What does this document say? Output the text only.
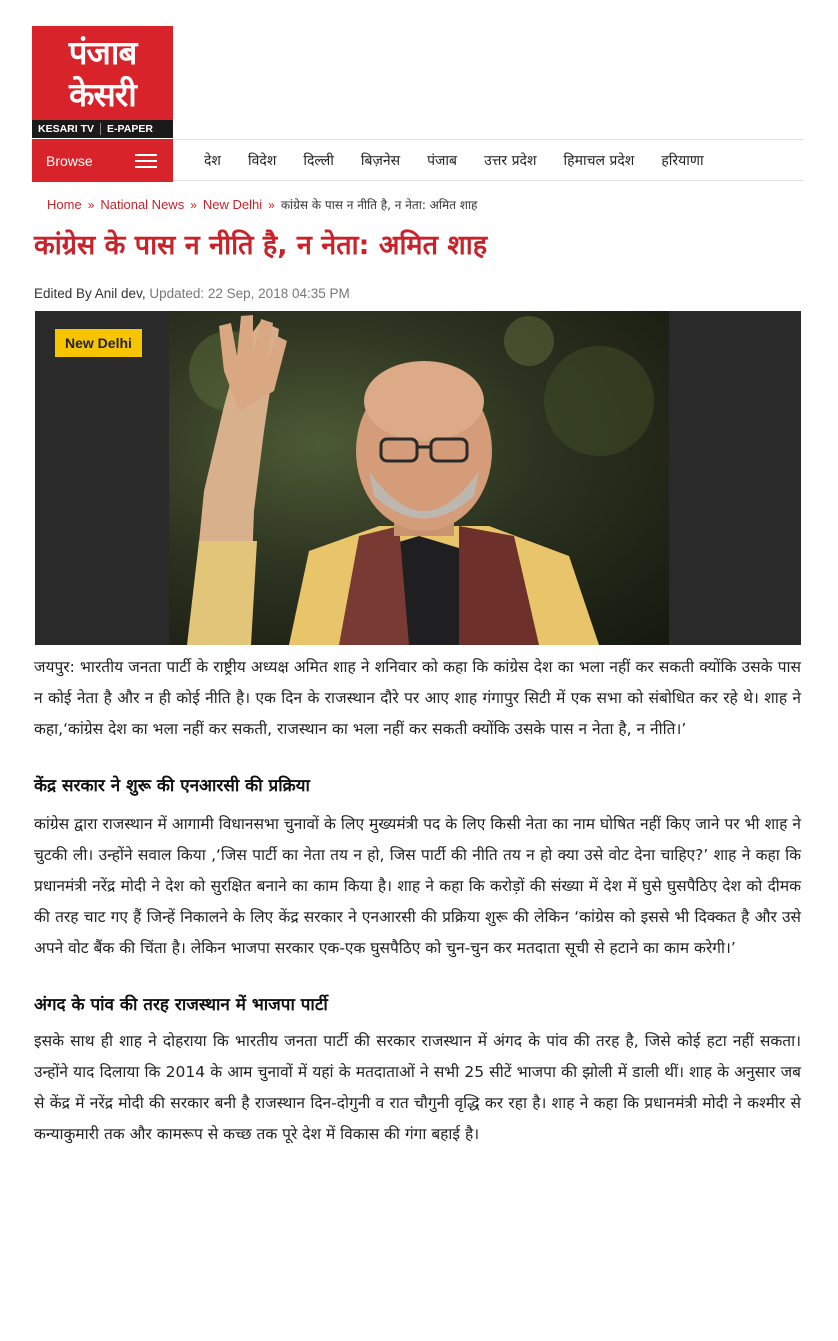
पंजाब
केसरी
KESARI TV	E-PAPER
Browse	देश विदेश दिल्ली बिज़नेस पंजाब उत्तर प्रदेश हिमाचल प्रदेश हरियाणा
Home » National News » New Delhi » कांग्रेस के पास न नीति है, न नेता: अमित शाह
कांग्रेस के पास न नीति है, न नेता: अमित शाह
Edited By Anil dev, Updated: 22 Sep, 2018 04:35 PM
New Delhi

जयपुर: भारतीय जनता पार्टी के राष्ट्रीय अध्यक्ष अमित शाह ने शनिवार को कहा कि कांग्रेस देश का भला नहीं कर सकती क्योंकि उसके पास न कोई नेता है और न ही कोई नीति है। एक दिन के राजस्थान दौरे पर आए शाह गंगापुर सिटी में एक सभा को संबोधित कर रहे थे। शाह ने कहा,‘कांग्रेस देश का भला नहीं कर सकती, राजस्थान का भला नहीं कर सकती क्योंकि उसके पास न नेता है, न नीति।’

केंद्र सरकार ने शुरू की एनआरसी की प्रक्रिया

कांग्रेस द्वारा राजस्थान में आगामी विधानसभा चुनावों के लिए मुख्यमंत्री पद के लिए किसी नेता का नाम घोषित नहीं किए जाने पर भी शाह ने चुटकी ली। उन्होंने सवाल किया ,‘जिस पार्टी का नेता तय न हो, जिस पार्टी की नीति तय न हो क्या उसे वोट देना चाहिए?’ शाह ने कहा कि प्रधानमंत्री नरेंद्र मोदी ने देश को सुरक्षित बनाने का काम किया है। शाह ने कहा कि करोड़ों की संख्या में देश में घुसे घुसपैठिए देश को दीमक की तरह चाट गए हैं जिन्हें निकालने के लिए केंद्र सरकार ने एनआरसी की प्रक्रिया शुरू की लेकिन ‘कांग्रेस को इससे भी दिक्कत है और उसे अपने वोट बैंक की चिंता है। लेकिन भाजपा सरकार एक-एक घुसपैठिए को चुन-चुन कर मतदाता सूची से हटाने का काम करेगी।’

अंगद के पांव की तरह राजस्थान में भाजपा पार्टी

इसके साथ ही शाह ने दोहराया कि भारतीय जनता पार्टी की सरकार राजस्थान में अंगद के पांव की तरह है, जिसे कोई हटा नहीं सकता। उन्होंने याद दिलाया कि 2014 के आम चुनावों में यहां के मतदाताओं ने सभी 25 सीटें भाजपा की झोली में डाली थीं। शाह के अनुसार जब से केंद्र में नरेंद्र मोदी की सरकार बनी है राजस्थान दिन-दोगुनी व रात चौगुनी वृद्धि कर रहा है। शाह ने कहा कि प्रधानमंत्री मोदी ने कश्मीर से कन्याकुमारी तक और कामरूप से कच्छ तक पूरे देश में विकास की गंगा बहाई है।
